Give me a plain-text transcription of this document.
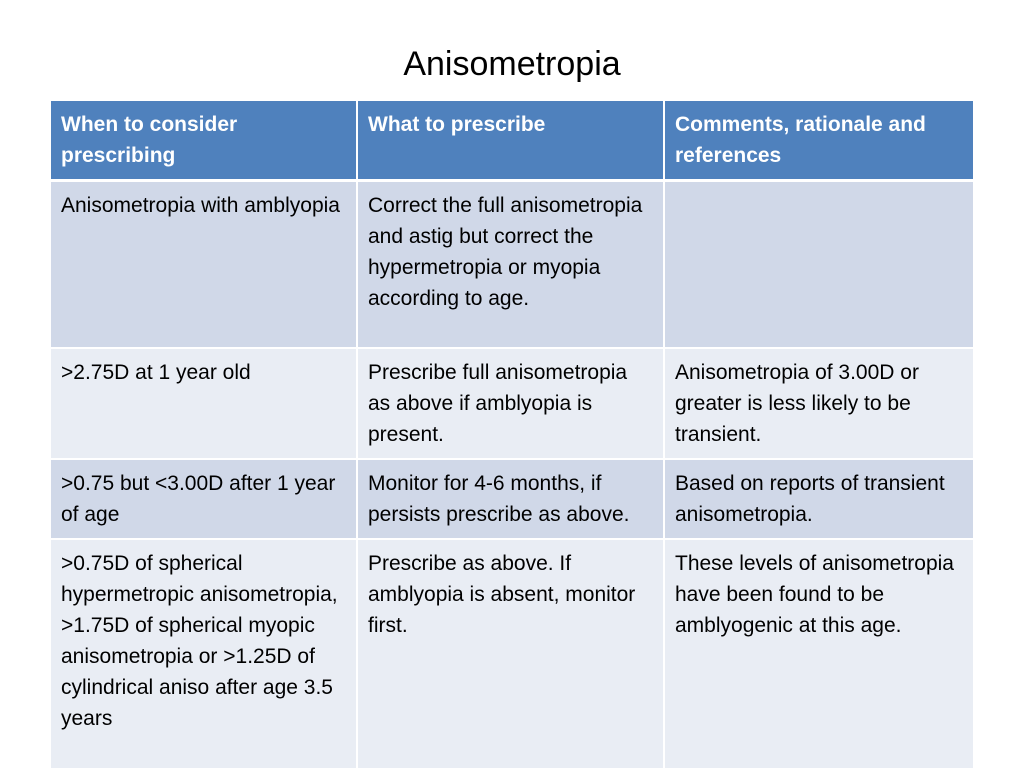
Anisometropia
When to consider prescribing	What to prescribe	Comments, rationale and references
Anisometropia with amblyopia	Correct the full anisometropia and astig but correct the hypermetropia or myopia according to age.	
>2.75D at 1 year old	Prescribe full anisometropia as above if amblyopia is present.	Anisometropia of 3.00D or greater is less likely to be transient.
>0.75 but <3.00D after 1 year of age	Monitor for 4-6 months, if persists prescribe as above.	Based on reports of transient anisometropia.
>0.75D of spherical hypermetropic anisometropia, >1.75D of spherical myopic anisometropia or >1.25D of cylindrical aniso after age 3.5 years	Prescribe as above. If amblyopia is absent, monitor first.	These levels of anisometropia have been found to be amblyogenic at this age.
